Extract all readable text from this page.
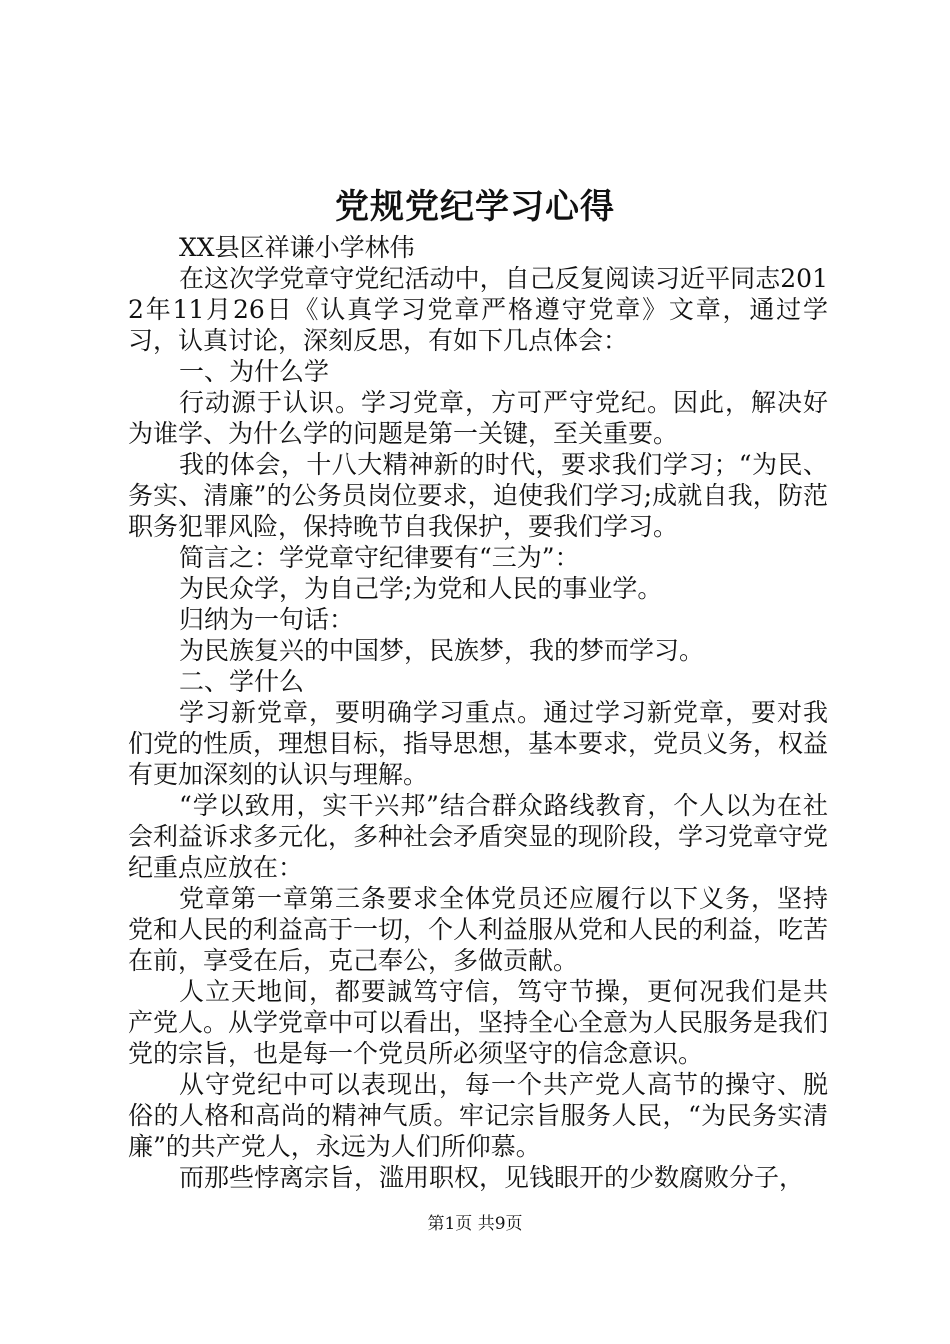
党规党纪学习心得

XX县区祥谦小学林伟

在这次学党章守党纪活动中，自己反复阅读习近平同志2012年11月26日《认真学习党章严格遵守党章》文章，通过学习，认真讨论，深刻反思，有如下几点体会：

一、为什么学

行动源于认识。学习党章，方可严守党纪。因此，解决好为谁学、为什么学的问题是第一关键，至关重要。

我的体会，十八大精神新的时代，要求我们学习；“为民、务实、清廉”的公务员岗位要求，迫使我们学习;成就自我，防范职务犯罪风险，保持晚节自我保护，要我们学习。

简言之：学党章守纪律要有“三为”：

为民众学，为自己学;为党和人民的事业学。

归纳为一句话：

为民族复兴的中国梦，民族梦，我的梦而学习。

二、学什么

学习新党章，要明确学习重点。通过学习新党章，要对我们党的性质，理想目标，指导思想，基本要求，党员义务，权益有更加深刻的认识与理解。

“学以致用，实干兴邦”结合群众路线教育，个人以为在社会利益诉求多元化，多种社会矛盾突显的现阶段，学习党章守党纪重点应放在：

党章第一章第三条要求全体党员还应履行以下义务，坚持党和人民的利益高于一切，个人利益服从党和人民的利益，吃苦在前，享受在后，克己奉公，多做贡献。

人立天地间，都要誠笃守信，笃守节操，更何况我们是共产党人。从学党章中可以看出，坚持全心全意为人民服务是我们党的宗旨，也是每一个党员所必须坚守的信念意识。

从守党纪中可以表现出，每一个共产党人高节的操守、脱俗的人格和高尚的精神气质。牢记宗旨服务人民，“为民务实清廉”的共产党人，永远为人们所仰慕。

而那些悖离宗旨，滥用职权，见钱眼开的少数腐败分子，

第1页 共9页
